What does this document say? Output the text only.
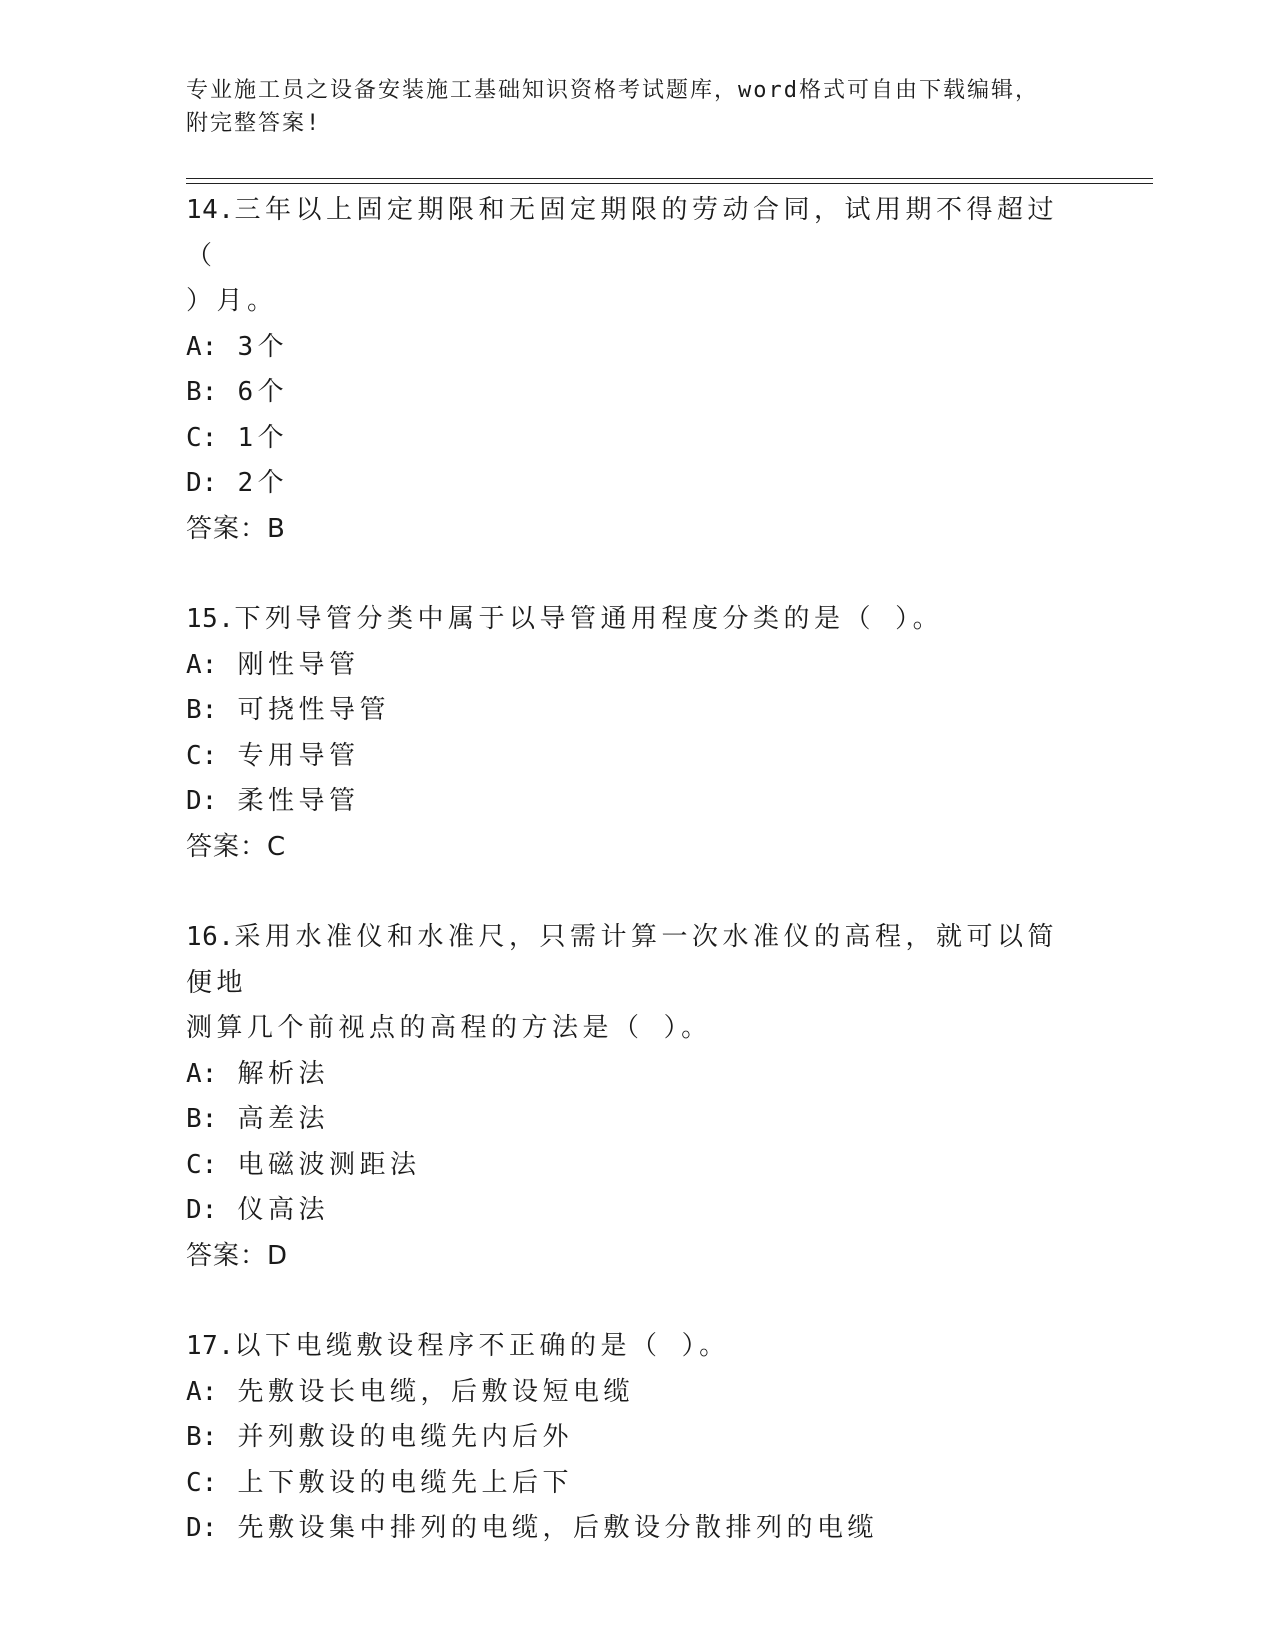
专业施工员之设备安装施工基础知识资格考试题库，word格式可自由下载编辑，
附完整答案!

14.三年以上固定期限和无固定期限的劳动合同，试用期不得超过（
）月。

A: 3个

B: 6个

C: 1个

D: 2个

答案：B

15.下列导管分类中属于以导管通用程度分类的是（ ）。

A: 刚性导管

B: 可挠性导管

C: 专用导管

D: 柔性导管

答案：C

16.采用水准仪和水准尺，只需计算一次水准仪的高程，就可以简便地
测算几个前视点的高程的方法是（ ）。

A: 解析法

B: 高差法

C: 电磁波测距法

D: 仪高法

答案：D

17.以下电缆敷设程序不正确的是（ ）。

A: 先敷设长电缆，后敷设短电缆

B: 并列敷设的电缆先内后外

C: 上下敷设的电缆先上后下

D: 先敷设集中排列的电缆，后敷设分散排列的电缆
